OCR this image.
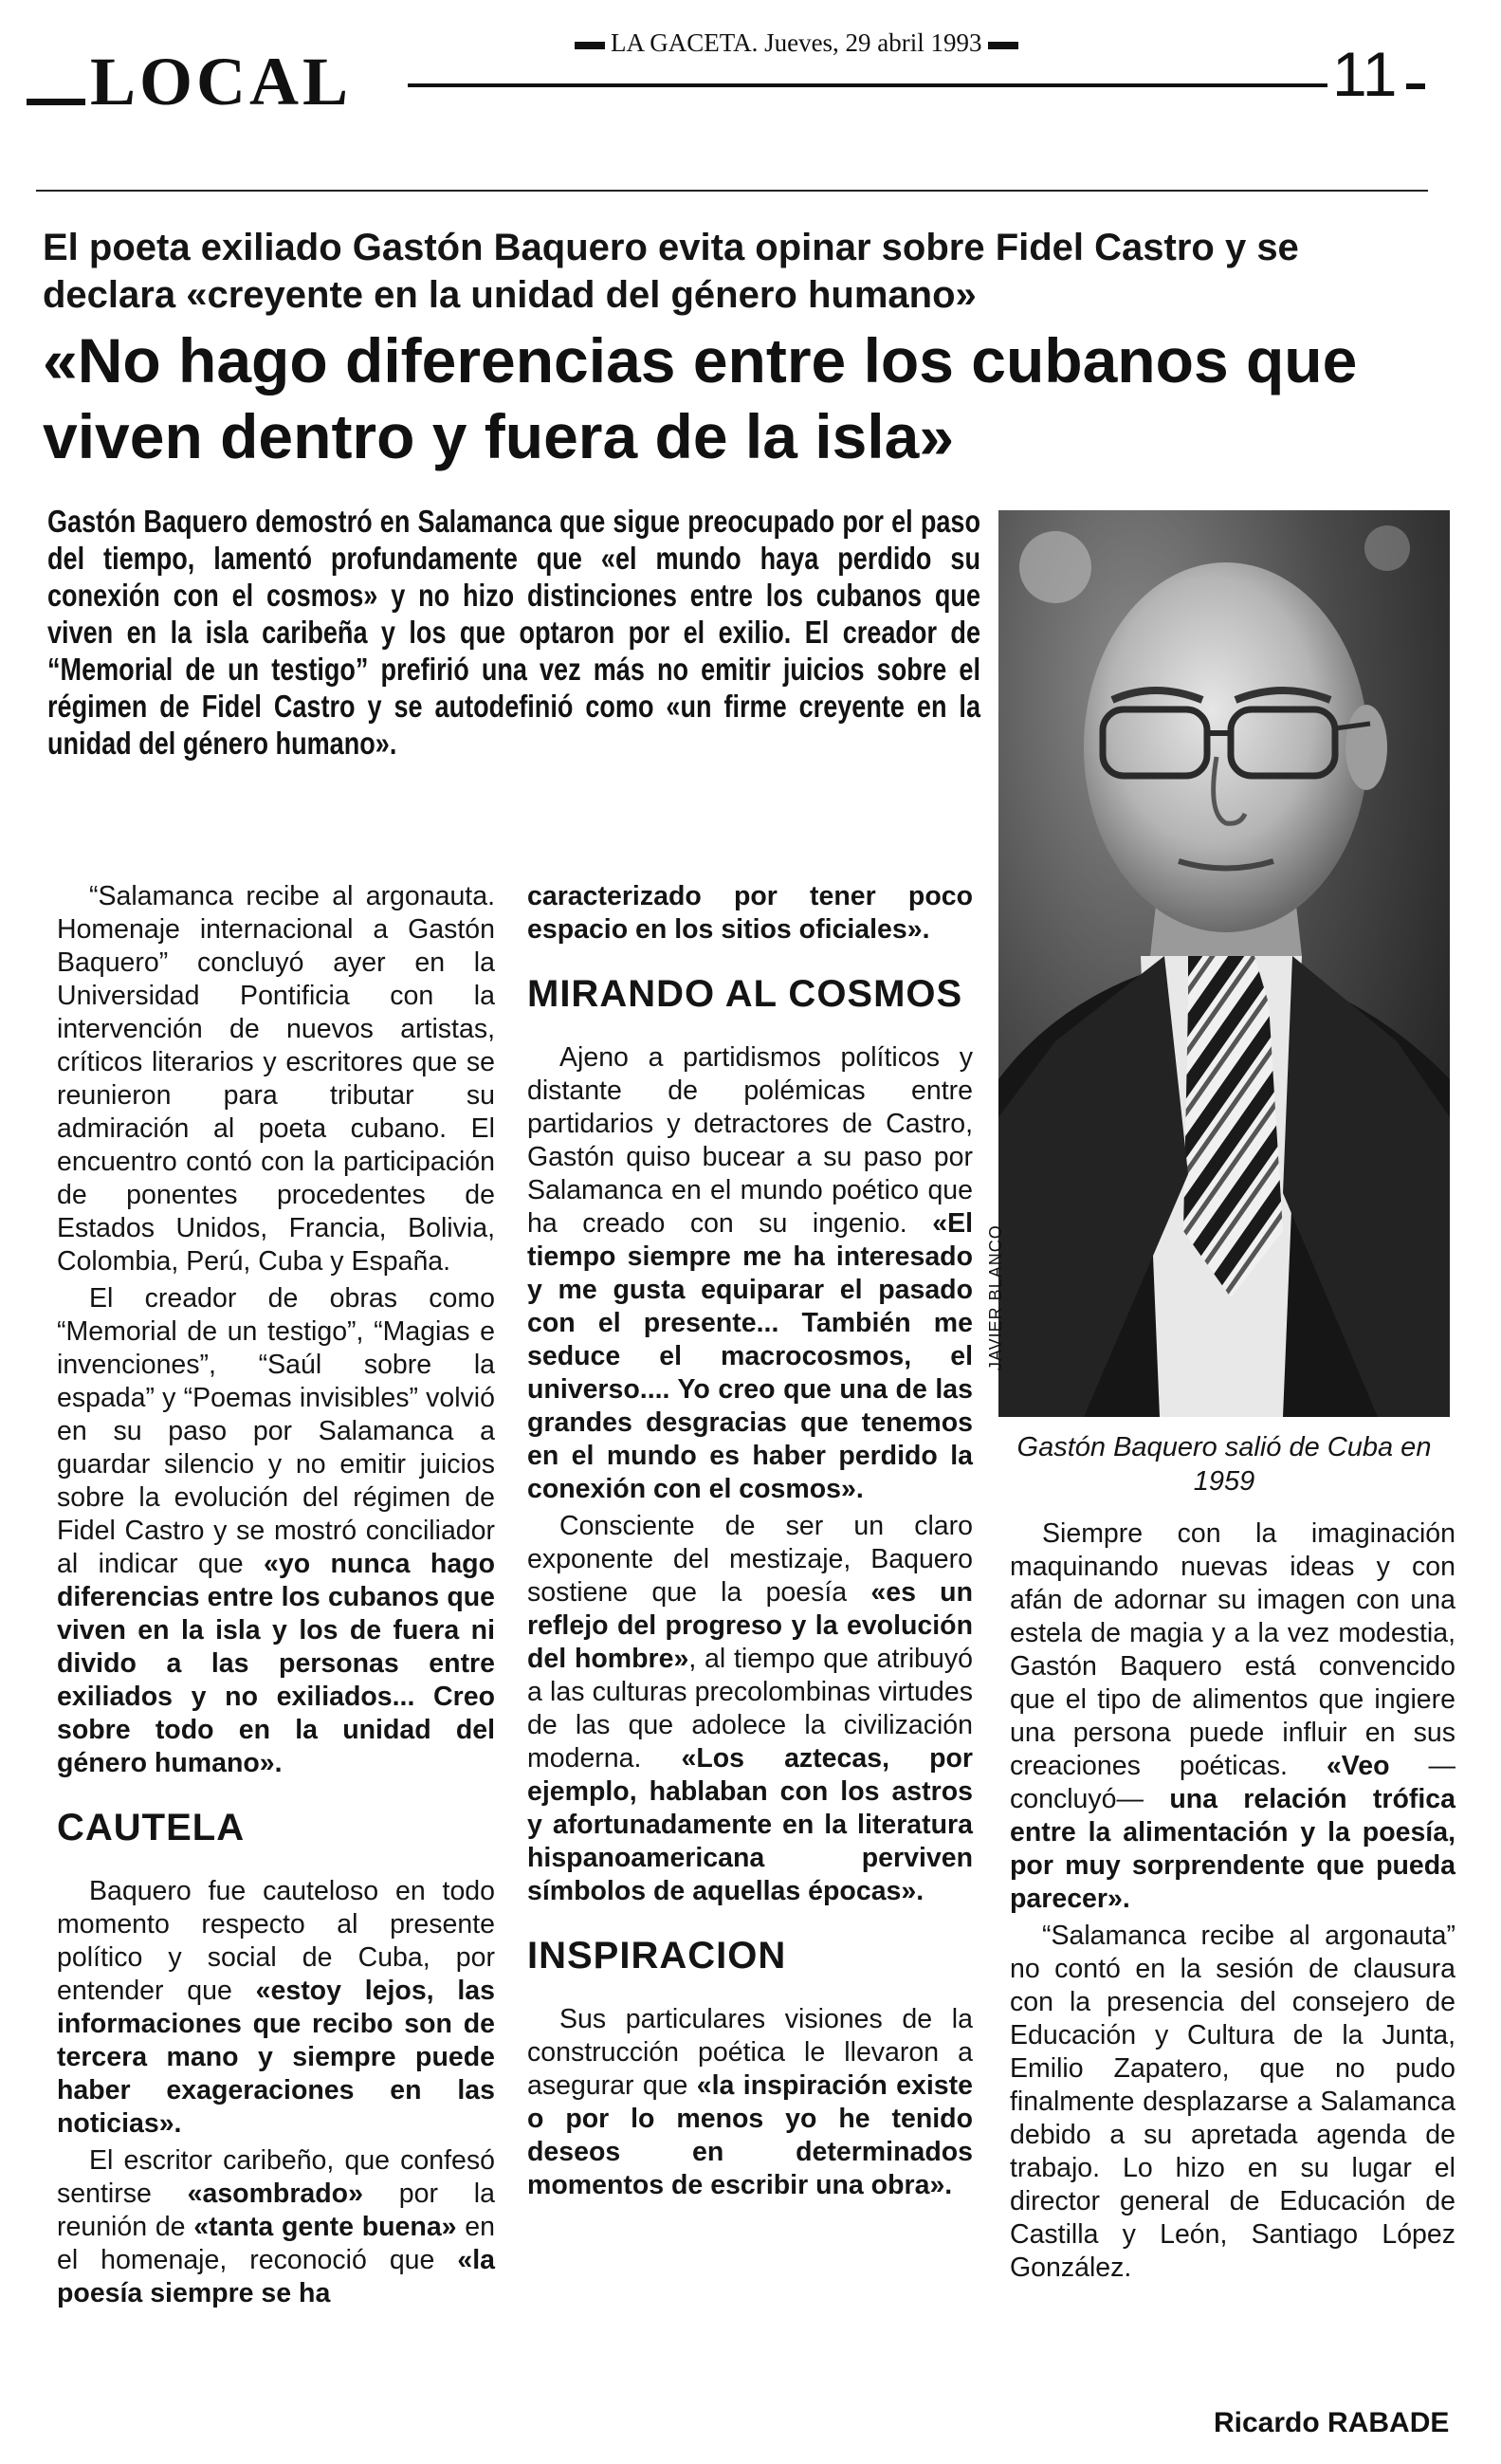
LOCAL
LA GACETA. Jueves, 29 abril 1993	11
El poeta exiliado Gastón Baquero evita opinar sobre Fidel Castro y se declara «creyente en la unidad del género humano»
«No hago diferencias entre los cubanos que viven dentro y fuera de la isla»
Gastón Baquero demostró en Salamanca que sigue preocupado por el paso del tiempo, lamentó profundamente que «el mundo haya perdido su conexión con el cosmos» y no hizo distinciones entre los cubanos que viven en la isla caribeña y los que optaron por el exilio. El creador de “Memorial de un testigo” prefirió una vez más no emitir juicios sobre el régimen de Fidel Castro y se autodefinió como «un firme creyente en la unidad del género humano».
JAVIER BLANCO
Gastón Baquero salió de Cuba en 1959

“Salamanca recibe al argonauta. Homenaje internacional a Gastón Baquero” concluyó ayer en la Universidad Pontificia con la intervención de nuevos artistas, críticos literarios y escritores que se reunieron para tributar su admiración al poeta cubano. El encuentro contó con la participación de ponentes procedentes de Estados Unidos, Francia, Bolivia, Colombia, Perú, Cuba y España.

El creador de obras como “Memorial de un testigo”, “Magias e invenciones”, “Saúl sobre la espada” y “Poemas invisibles” volvió en su paso por Salamanca a guardar silencio y no emitir juicios sobre la evolución del régimen de Fidel Castro y se mostró conciliador al indicar que «yo nunca hago diferencias entre los cubanos que viven en la isla y los de fuera ni divido a las personas entre exiliados y no exiliados... Creo sobre todo en la unidad del género humano».

CAUTELA

Baquero fue cauteloso en todo momento respecto al presente político y social de Cuba, por entender que «estoy lejos, las informaciones que recibo son de tercera mano y siempre puede haber exageraciones en las noticias».

El escritor caribeño, que confesó sentirse «asombrado» por la reunión de «tanta gente buena» en el homenaje, reconoció que «la poesía siempre se ha

caracterizado por tener poco espacio en los sitios oficiales».

MIRANDO AL COSMOS

Ajeno a partidismos políticos y distante de polémicas entre partidarios y detractores de Castro, Gastón quiso bucear a su paso por Salamanca en el mundo poético que ha creado con su ingenio. «El tiempo siempre me ha interesado y me gusta equiparar el pasado con el presente... También me seduce el macrocosmos, el universo.... Yo creo que una de las grandes desgracias que tenemos en el mundo es haber perdido la conexión con el cosmos».

Consciente de ser un claro exponente del mestizaje, Baquero sostiene que la poesía «es un reflejo del progreso y la evolución del hombre», al tiempo que atribuyó a las culturas precolombinas virtudes de las que adolece la civilización moderna. «Los aztecas, por ejemplo, hablaban con los astros y afortunadamente en la literatura hispanoamericana perviven símbolos de aquellas épocas».

INSPIRACION

Sus particulares visiones de la construcción poética le llevaron a asegurar que «la inspiración existe o por lo menos yo he tenido deseos en determinados momentos de escribir una obra».

Siempre con la imaginación maquinando nuevas ideas y con afán de adornar su imagen con una estela de magia y a la vez modestia, Gastón Baquero está convencido que el tipo de alimentos que ingiere una persona puede influir en sus creaciones poéticas. «Veo —concluyó— una relación trófica entre la alimentación y la poesía, por muy sorprendente que pueda parecer».

“Salamanca recibe al argonauta” no contó en la sesión de clausura con la presencia del consejero de Educación y Cultura de la Junta, Emilio Zapatero, que no pudo finalmente desplazarse a Salamanca debido a su apretada agenda de trabajo. Lo hizo en su lugar el director general de Educación de Castilla y León, Santiago López González.

Ricardo RABADE
